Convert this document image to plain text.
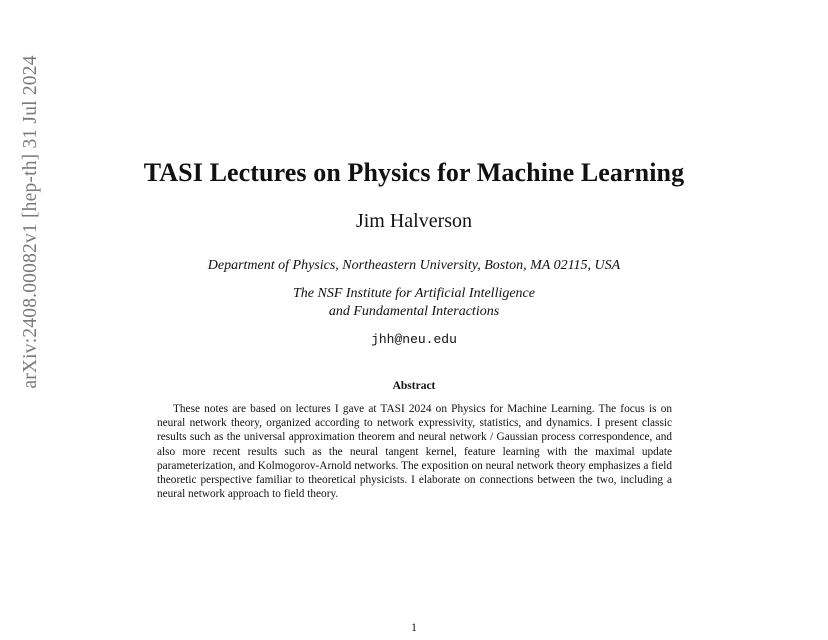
arXiv:2408.00082v1 [hep-th] 31 Jul 2024	TASI Lectures on Physics for Machine Learning
Jim Halverson
Department of Physics, Northeastern University, Boston, MA 02115, USA
The NSF Institute for Artificial Intelligence
and Fundamental Interactions
jhh@neu.edu
Abstract

These notes are based on lectures I gave at TASI 2024 on Physics for Machine Learning. The focus is on neural network theory, organized according to network expressivity, statistics, and dynamics. I present classic results such as the universal approximation theorem and neural network / Gaussian process correspondence, and also more recent results such as the neural tangent kernel, feature learning with the maximal update parameterization, and Kolmogorov-Arnold networks. The exposition on neural network theory emphasizes a field theoretic perspective familiar to theoretical physicists. I elaborate on connections between the two, including a neural network approach to field theory.

1
